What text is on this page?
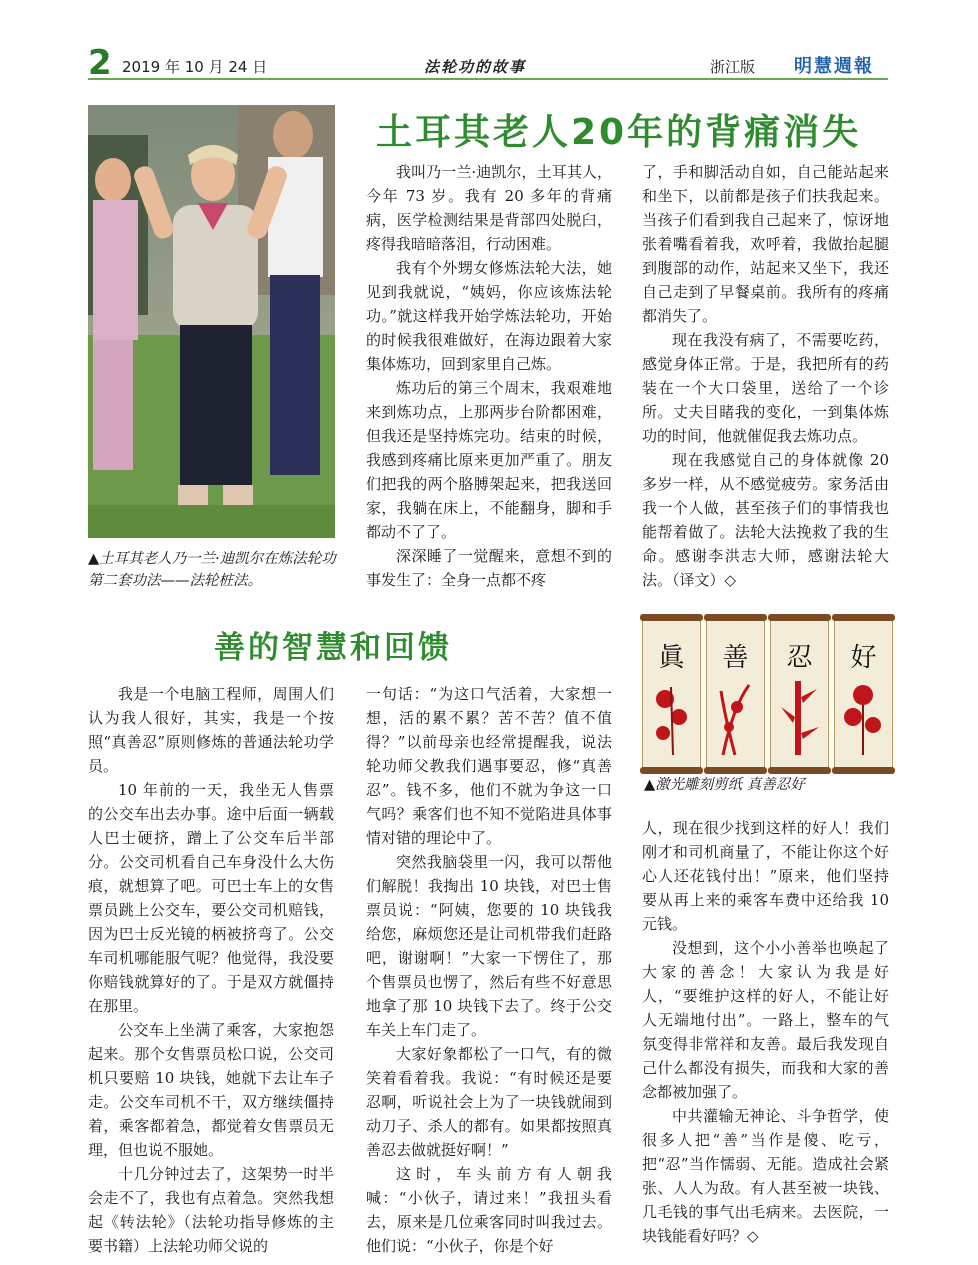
2 2019 年 10 月 24 日	法轮功的故事	浙江版 明慧週報
▲土耳其老人乃一兰·迪凯尔在炼法轮功第二套功法——法轮桩法。
土耳其老人20年的背痛消失

我叫乃一兰·迪凯尔，土耳其人，今年 73 岁。我有 20 多年的背痛病，医学检测结果是背部四处脱臼，疼得我暗暗落泪，行动困难。

我有个外甥女修炼法轮大法，她见到我就说，“姨妈，你应该炼法轮功。”就这样我开始学炼法轮功，开始的时候我很难做好，在海边跟着大家集体炼功，回到家里自己炼。

炼功后的第三个周末，我艰难地来到炼功点，上那两步台阶都困难，但我还是坚持炼完功。结束的时候，我感到疼痛比原来更加严重了。朋友们把我的两个胳膊架起来，把我送回家，我躺在床上，不能翻身，脚和手都动不了了。

深深睡了一觉醒来，意想不到的事发生了：全身一点都不疼

了，手和脚活动自如，自己能站起来和坐下，以前都是孩子们扶我起来。当孩子们看到我自己起来了，惊讶地张着嘴看着我，欢呼着，我做抬起腿到腹部的动作，站起来又坐下，我还自己走到了早餐桌前。我所有的疼痛都消失了。

现在我没有病了，不需要吃药，感觉身体正常。于是，我把所有的药装在一个大口袋里，送给了一个诊所。丈夫目睹我的变化，一到集体炼功的时间，他就催促我去炼功点。

现在我感觉自己的身体就像 20 多岁一样，从不感觉疲劳。家务活由我一个人做，甚至孩子们的事情我也能帮着做了。法轮大法挽救了我的生命。感谢李洪志大师，感谢法轮大法。（译文）◇

善的智慧和回馈	眞	善	忍	好
▲激光雕刻剪纸 真善忍好

我是一个电脑工程师，周围人们认为我人很好，其实，我是一个按照“真善忍”原则修炼的普通法轮功学员。

10 年前的一天，我坐无人售票的公交车出去办事。途中后面一辆载人巴士硬挤，蹭上了公交车后半部分。公交司机看自己车身没什么大伤痕，就想算了吧。可巴士车上的女售票员跳上公交车，要公交司机赔钱，因为巴士反光镜的柄被挤弯了。公交车司机哪能服气呢？他觉得，我没要你赔钱就算好的了。于是双方就僵持在那里。

公交车上坐满了乘客，大家抱怨起来。那个女售票员松口说，公交司机只要赔 10 块钱，她就下去让车子走。公交车司机不干，双方继续僵持着，乘客都着急，都觉着女售票员无理，但也说不服她。

十几分钟过去了，这架势一时半会走不了，我也有点着急。突然我想起《转法轮》（法轮功指导修炼的主要书籍）上法轮功师父说的

一句话：“为这口气活着，大家想一想，活的累不累？苦不苦？值不值得？”以前母亲也经常提醒我，说法轮功师父教我们遇事要忍，修“真善忍”。钱不多，他们不就为争这一口气吗？乘客们也不知不觉陷进具体事情对错的理论中了。

突然我脑袋里一闪，我可以帮他们解脱！我掏出 10 块钱，对巴士售票员说：“阿姨，您要的 10 块钱我给您，麻烦您还是让司机带我们赶路吧，谢谢啊！”大家一下愣住了，那个售票员也愣了，然后有些不好意思地拿了那 10 块钱下去了。终于公交车关上车门走了。

大家好象都松了一口气，有的微笑着看着我。我说：“有时候还是要忍啊，听说社会上为了一块钱就闹到动刀子、杀人的都有。如果都按照真善忍去做就挺好啊！”

这时，车头前方有人朝我喊：“小伙子，请过来！”我扭头看去，原来是几位乘客同时叫我过去。他们说：“小伙子，你是个好

人，现在很少找到这样的好人！我们刚才和司机商量了，不能让你这个好心人还花钱付出！”原来，他们坚持要从再上来的乘客车费中还给我 10 元钱。

没想到，这个小小善举也唤起了大家的善念！大家认为我是好人，“要维护这样的好人，不能让好人无端地付出”。一路上，整车的气氛变得非常祥和友善。最后我发现自己什么都没有损失，而我和大家的善念都被加强了。

中共灌输无神论、斗争哲学，使很多人把“善”当作是傻、吃亏，把“忍”当作懦弱、无能。造成社会紧张、人人为敌。有人甚至被一块钱、几毛钱的事气出毛病来。去医院，一块钱能看好吗？◇
